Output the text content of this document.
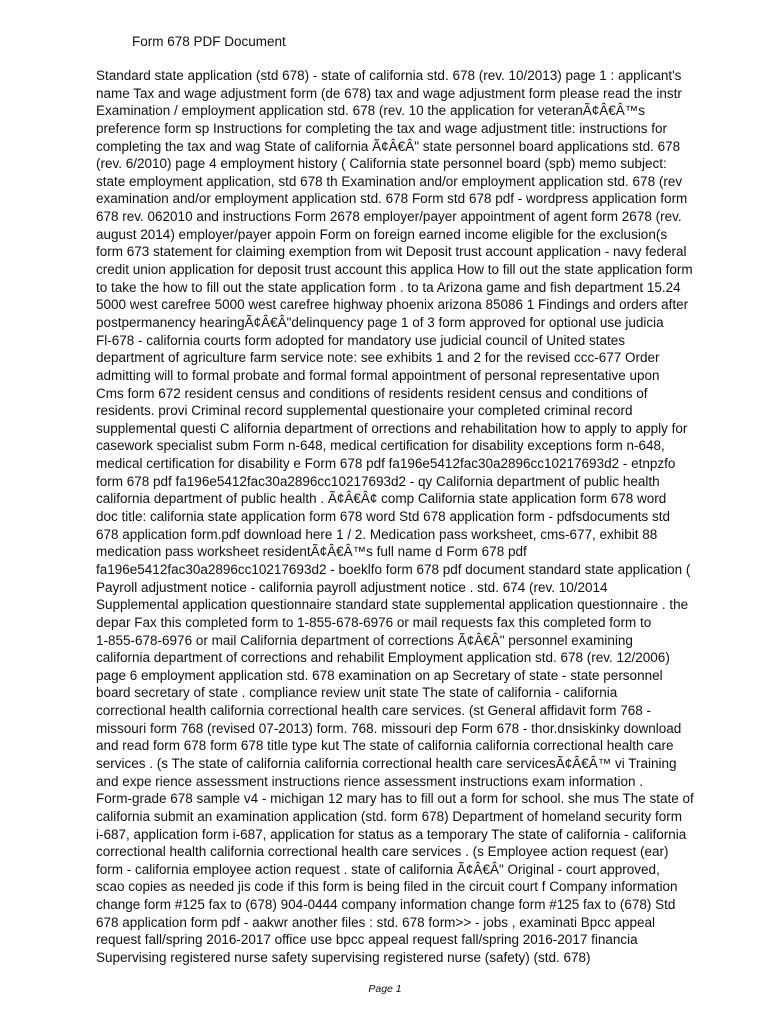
Form 678 PDF Document
Standard state application (std 678) - state of california std. 678 (rev. 10/2013) page 1 : applicant's
name Tax and wage adjustment form (de 678) tax and wage adjustment form please read the instr
Examination / employment application std. 678 (rev. 10 the application for veteranÃ¢Â€Â™s
preference form sp Instructions for completing the tax and wage adjustment title: instructions for
completing the tax and wag State of california Ã¢Â€Â" state personnel board applications std. 678
(rev. 6/2010) page 4 employment history ( California state personnel board (spb) memo subject:
state employment application, std 678 th Examination and/or employment application std. 678 (rev
examination and/or employment application std. 678 Form std 678 pdf - wordpress application form
678 rev. 062010 and instructions Form 2678 employer/payer appointment of agent form 2678 (rev.
august 2014) employer/payer appoin Form on foreign earned income eligible for the exclusion(s
form 673 statement for claiming exemption from wit Deposit trust account application - navy federal
credit union application for deposit trust account this applica How to fill out the state application form
to take the how to fill out the state application form . to ta Arizona game and fish department 15.24
5000 west carefree 5000 west carefree highway phoenix arizona 85086 1 Findings and orders after
postpermanency hearingÃ¢Â€Â"delinquency page 1 of 3 form approved for optional use judicia
Fl-678 - california courts form adopted for mandatory use judicial council of United states
department of agriculture farm service note: see exhibits 1 and 2 for the revised ccc-677 Order
admitting will to formal probate and formal formal appointment of personal representative upon
Cms form 672 resident census and conditions of residents resident census and conditions of
residents. provi Criminal record supplemental questionaire your completed criminal record
supplemental questi C alifornia department of orrections and rehabilitation how to apply to apply for
casework specialist subm Form n-648, medical certification for disability exceptions form n-648,
medical certification for disability e Form 678 pdf fa196e5412fac30a2896cc10217693d2 - etnpzfo
form 678 pdf fa196e5412fac30a2896cc10217693d2 - qy California department of public health
california department of public health . Ã¢Â€Â¢ comp California state application form 678 word
doc title: california state application form 678 word Std 678 application form - pdfsdocuments std
678 application form.pdf download here 1 / 2. Medication pass worksheet, cms-677, exhibit 88
medication pass worksheet residentÃ¢Â€Â™s full name d Form 678 pdf
fa196e5412fac30a2896cc10217693d2 - boeklfo form 678 pdf document standard state application (
Payroll adjustment notice - california payroll adjustment notice . std. 674 (rev. 10/2014
Supplemental application questionnaire standard state supplemental application questionnaire . the
depar Fax this completed form to 1-855-678-6976 or mail requests fax this completed form to
1-855-678-6976 or mail California department of corrections Ã¢Â€Â" personnel examining
california department of corrections and rehabilit Employment application std. 678 (rev. 12/2006)
page 6 employment application std. 678 examination on ap Secretary of state - state personnel
board secretary of state . compliance review unit state The state of california - california
correctional health california correctional health care services. (st General affidavit form 768 -
missouri form 768 (revised 07-2013) form. 768. missouri dep Form 678 - thor.dnsiskinky download
and read form 678 form 678 title type kut The state of california california correctional health care
services . (s The state of california california correctional health care servicesÃ¢Â€Â™ vi Training
and expe rience assessment instructions rience assessment instructions exam information .
Form-grade 678 sample v4 - michigan 12 mary has to fill out a form for school. she mus The state of
california submit an examination application (std. form 678) Department of homeland security form
i-687, application form i-687, application for status as a temporary The state of california - california
correctional health california correctional health care services . (s Employee action request (ear)
form - california employee action request . state of california Ã¢Â€Â" Original - court approved,
scao copies as needed jis code if this form is being filed in the circuit court f Company information
change form #125 fax to (678) 904-0444 company information change form #125 fax to (678) Std
678 application form pdf - aakwr another files : std. 678 form>> - jobs , examinati Bpcc appeal
request fall/spring 2016-2017 office use bpcc appeal request fall/spring 2016-2017 financia
Supervising registered nurse safety supervising registered nurse (safety) (std. 678)
Page 1
